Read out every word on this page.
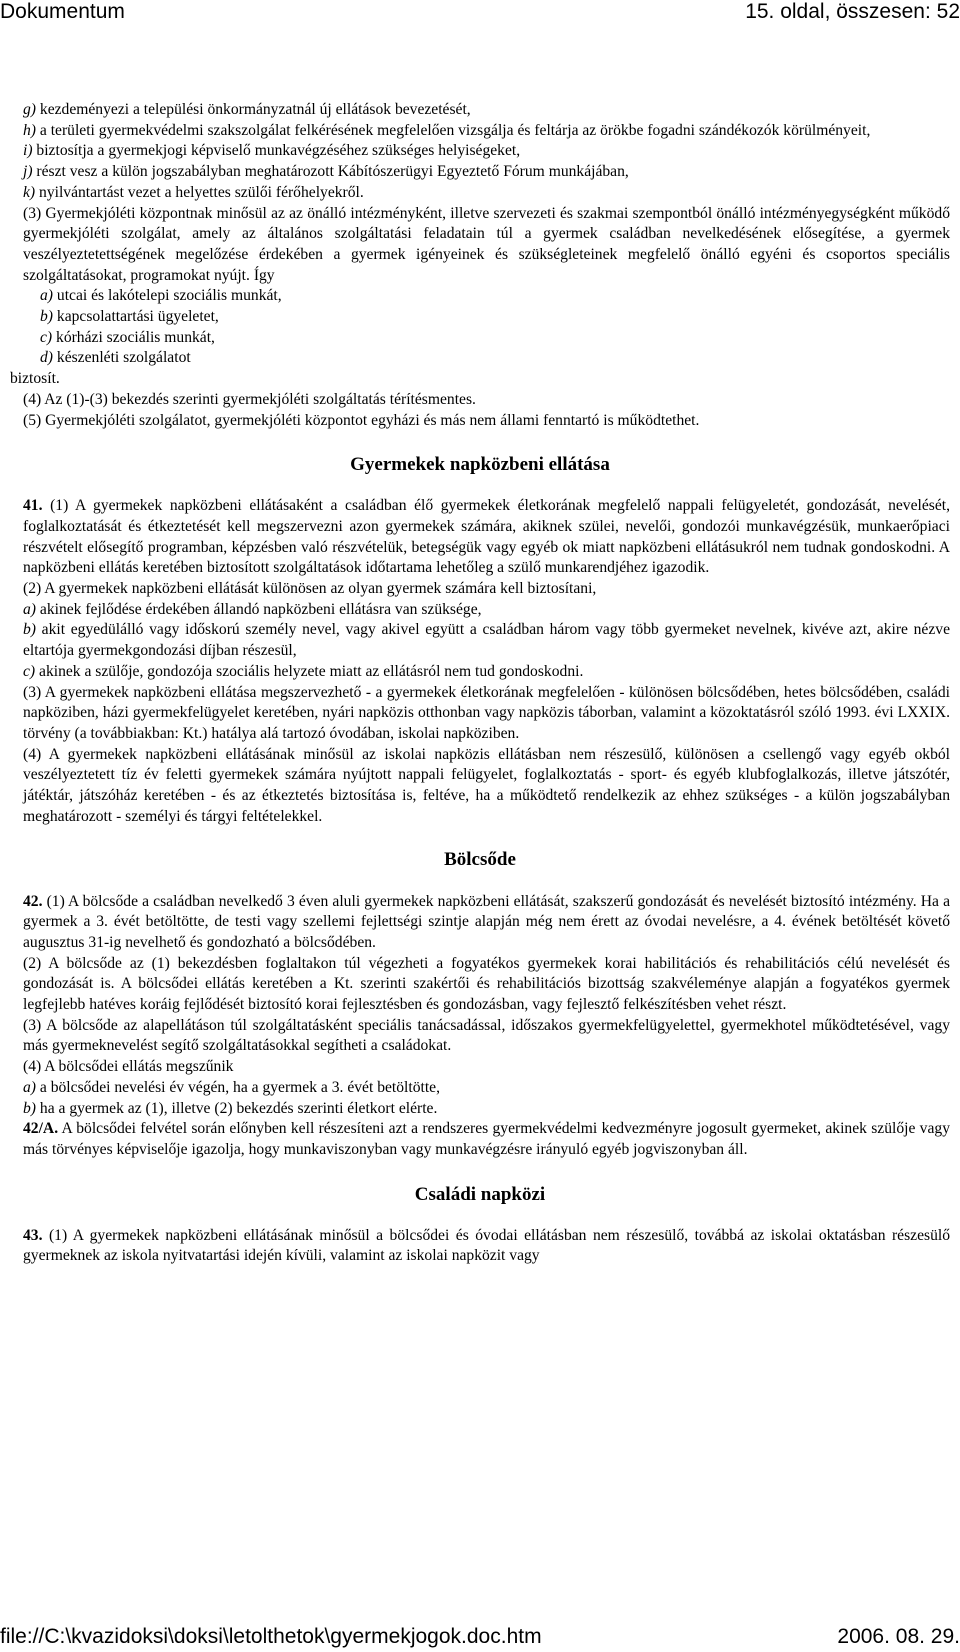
Dokumentum	15. oldal, összesen: 52

g) kezdeményezi a települési önkormányzatnál új ellátások bevezetését,

h) a területi gyermekvédelmi szakszolgálat felkérésének megfelelően vizsgálja és feltárja az örökbe fogadni szándékozók körülményeit,

i) biztosítja a gyermekjogi képviselő munkavégzéséhez szükséges helyiségeket,

j) részt vesz a külön jogszabályban meghatározott Kábítószerügyi Egyeztető Fórum munkájában,

k) nyilvántartást vezet a helyettes szülői férőhelyekről.

(3) Gyermekjóléti központnak minősül az az önálló intézményként, illetve szervezeti és szakmai szempontból önálló intézményegységként működő gyermekjóléti szolgálat, amely az általános szolgáltatási feladatain túl a gyermek családban nevelkedésének elősegítése, a gyermek veszélyeztetettségének megelőzése érdekében a gyermek igényeinek és szükségleteinek megfelelő önálló egyéni és csoportos speciális szolgáltatásokat, programokat nyújt. Így

a) utcai és lakótelepi szociális munkát,

b) kapcsolattartási ügyeletet,

c) kórházi szociális munkát,

d) készenléti szolgálatot

biztosít.

(4) Az (1)-(3) bekezdés szerinti gyermekjóléti szolgáltatás térítésmentes.

(5) Gyermekjóléti szolgálatot, gyermekjóléti központot egyházi és más nem állami fenntartó is működtethet.

Gyermekek napközbeni ellátása

41. (1) A gyermekek napközbeni ellátásaként a családban élő gyermekek életkorának megfelelő nappali felügyeletét, gondozását, nevelését, foglalkoztatását és étkeztetését kell megszervezni azon gyermekek számára, akiknek szülei, nevelői, gondozói munkavégzésük, munkaerőpiaci részvételt elősegítő programban, képzésben való részvételük, betegségük vagy egyéb ok miatt napközbeni ellátásukról nem tudnak gondoskodni. A napközbeni ellátás keretében biztosított szolgáltatások időtartama lehetőleg a szülő munkarendjéhez igazodik.

(2) A gyermekek napközbeni ellátását különösen az olyan gyermek számára kell biztosítani,

a) akinek fejlődése érdekében állandó napközbeni ellátásra van szüksége,

b) akit egyedülálló vagy időskorú személy nevel, vagy akivel együtt a családban három vagy több gyermeket nevelnek, kivéve azt, akire nézve eltartója gyermekgondozási díjban részesül,

c) akinek a szülője, gondozója szociális helyzete miatt az ellátásról nem tud gondoskodni.

(3) A gyermekek napközbeni ellátása megszervezhető - a gyermekek életkorának megfelelően - különösen bölcsődében, hetes bölcsődében, családi napköziben, házi gyermekfelügyelet keretében, nyári napközis otthonban vagy napközis táborban, valamint a közoktatásról szóló 1993. évi LXXIX. törvény (a továbbiakban: Kt.) hatálya alá tartozó óvodában, iskolai napköziben.

(4) A gyermekek napközbeni ellátásának minősül az iskolai napközis ellátásban nem részesülő, különösen a csellengő vagy egyéb okból veszélyeztetett tíz év feletti gyermekek számára nyújtott nappali felügyelet, foglalkoztatás - sport- és egyéb klubfoglalkozás, illetve játszótér, játéktár, játszóház keretében - és az étkeztetés biztosítása is, feltéve, ha a működtető rendelkezik az ehhez szükséges - a külön jogszabályban meghatározott - személyi és tárgyi feltételekkel.

Bölcsőde

42. (1) A bölcsőde a családban nevelkedő 3 éven aluli gyermekek napközbeni ellátását, szakszerű gondozását és nevelését biztosító intézmény. Ha a gyermek a 3. évét betöltötte, de testi vagy szellemi fejlettségi szintje alapján még nem érett az óvodai nevelésre, a 4. évének betöltését követő augusztus 31-ig nevelhető és gondozható a bölcsődében.

(2) A bölcsőde az (1) bekezdésben foglaltakon túl végezheti a fogyatékos gyermekek korai habilitációs és rehabilitációs célú nevelését és gondozását is. A bölcsődei ellátás keretében a Kt. szerinti szakértői és rehabilitációs bizottság szakvéleménye alapján a fogyatékos gyermek legfejlebb hatéves koráig fejlődését biztosító korai fejlesztésben és gondozásban, vagy fejlesztő felkészítésben vehet részt.

(3) A bölcsőde az alapellátáson túl szolgáltatásként speciális tanácsadással, időszakos gyermekfelügyelettel, gyermekhotel működtetésével, vagy más gyermeknevelést segítő szolgáltatásokkal segítheti a családokat.

(4) A bölcsődei ellátás megszűnik

a) a bölcsődei nevelési év végén, ha a gyermek a 3. évét betöltötte,

b) ha a gyermek az (1), illetve (2) bekezdés szerinti életkort elérte.

42/A. A bölcsődei felvétel során előnyben kell részesíteni azt a rendszeres gyermekvédelmi kedvezményre jogosult gyermeket, akinek szülője vagy más törvényes képviselője igazolja, hogy munkaviszonyban vagy munkavégzésre irányuló egyéb jogviszonyban áll.

Családi napközi

43. (1) A gyermekek napközbeni ellátásának minősül a bölcsődei és óvodai ellátásban nem részesülő, továbbá az iskolai oktatásban részesülő gyermeknek az iskola nyitvatartási idején kívüli, valamint az iskolai napközit vagy

file://C:\kvazidoksi\doksi\letolthetok\gyermekjogok.doc.htm	2006. 08. 29.
